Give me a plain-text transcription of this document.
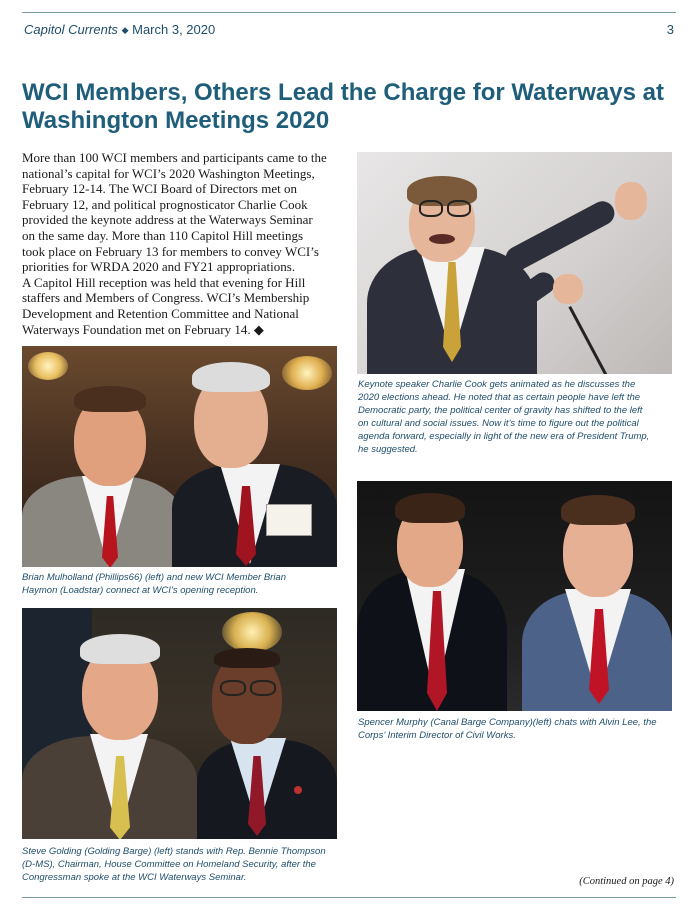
Capitol Currents ◆ March 3, 2020	3
WCI Members, Others Lead the Charge for Waterways at
Washington Meetings 2020

More than 100 WCI members and participants came to the
national’s capital for WCI’s 2020 Washington Meetings,
February 12-14. The WCI Board of Directors met on
February 12, and political prognosticator Charlie Cook
provided the keynote address at the Waterways Seminar
on the same day. More than 110 Capitol Hill meetings
took place on February 13 for members to convey WCI’s
priorities for WRDA 2020 and FY21 appropriations.
A Capitol Hill reception was held that evening for Hill
staffers and Members of Congress. WCI’s Membership
Development and Retention Committee and National
Waterways Foundation met on February 14. ◆

Keynote speaker Charlie Cook gets animated as he discusses the
2020 elections ahead. He noted that as certain people have left the
Democratic party, the political center of gravity has shifted to the left
on cultural and social issues. Now it’s time to figure out the political
agenda forward, especially in light of the new era of President Trump,
he suggested.

Brian Mulholland (Phillips66) (left) and new WCI Member Brian
Haymon (Loadstar) connect at WCI’s opening reception.

Spencer Murphy (Canal Barge Company)(left) chats with Alvin Lee, the
Corps’ Interim Director of Civil Works.

Steve Golding (Golding Barge) (left) stands with Rep. Bennie Thompson
(D-MS), Chairman, House Committee on Homeland Security, after the
Congressman spoke at the WCI Waterways Seminar.	(Continued on page 4)
